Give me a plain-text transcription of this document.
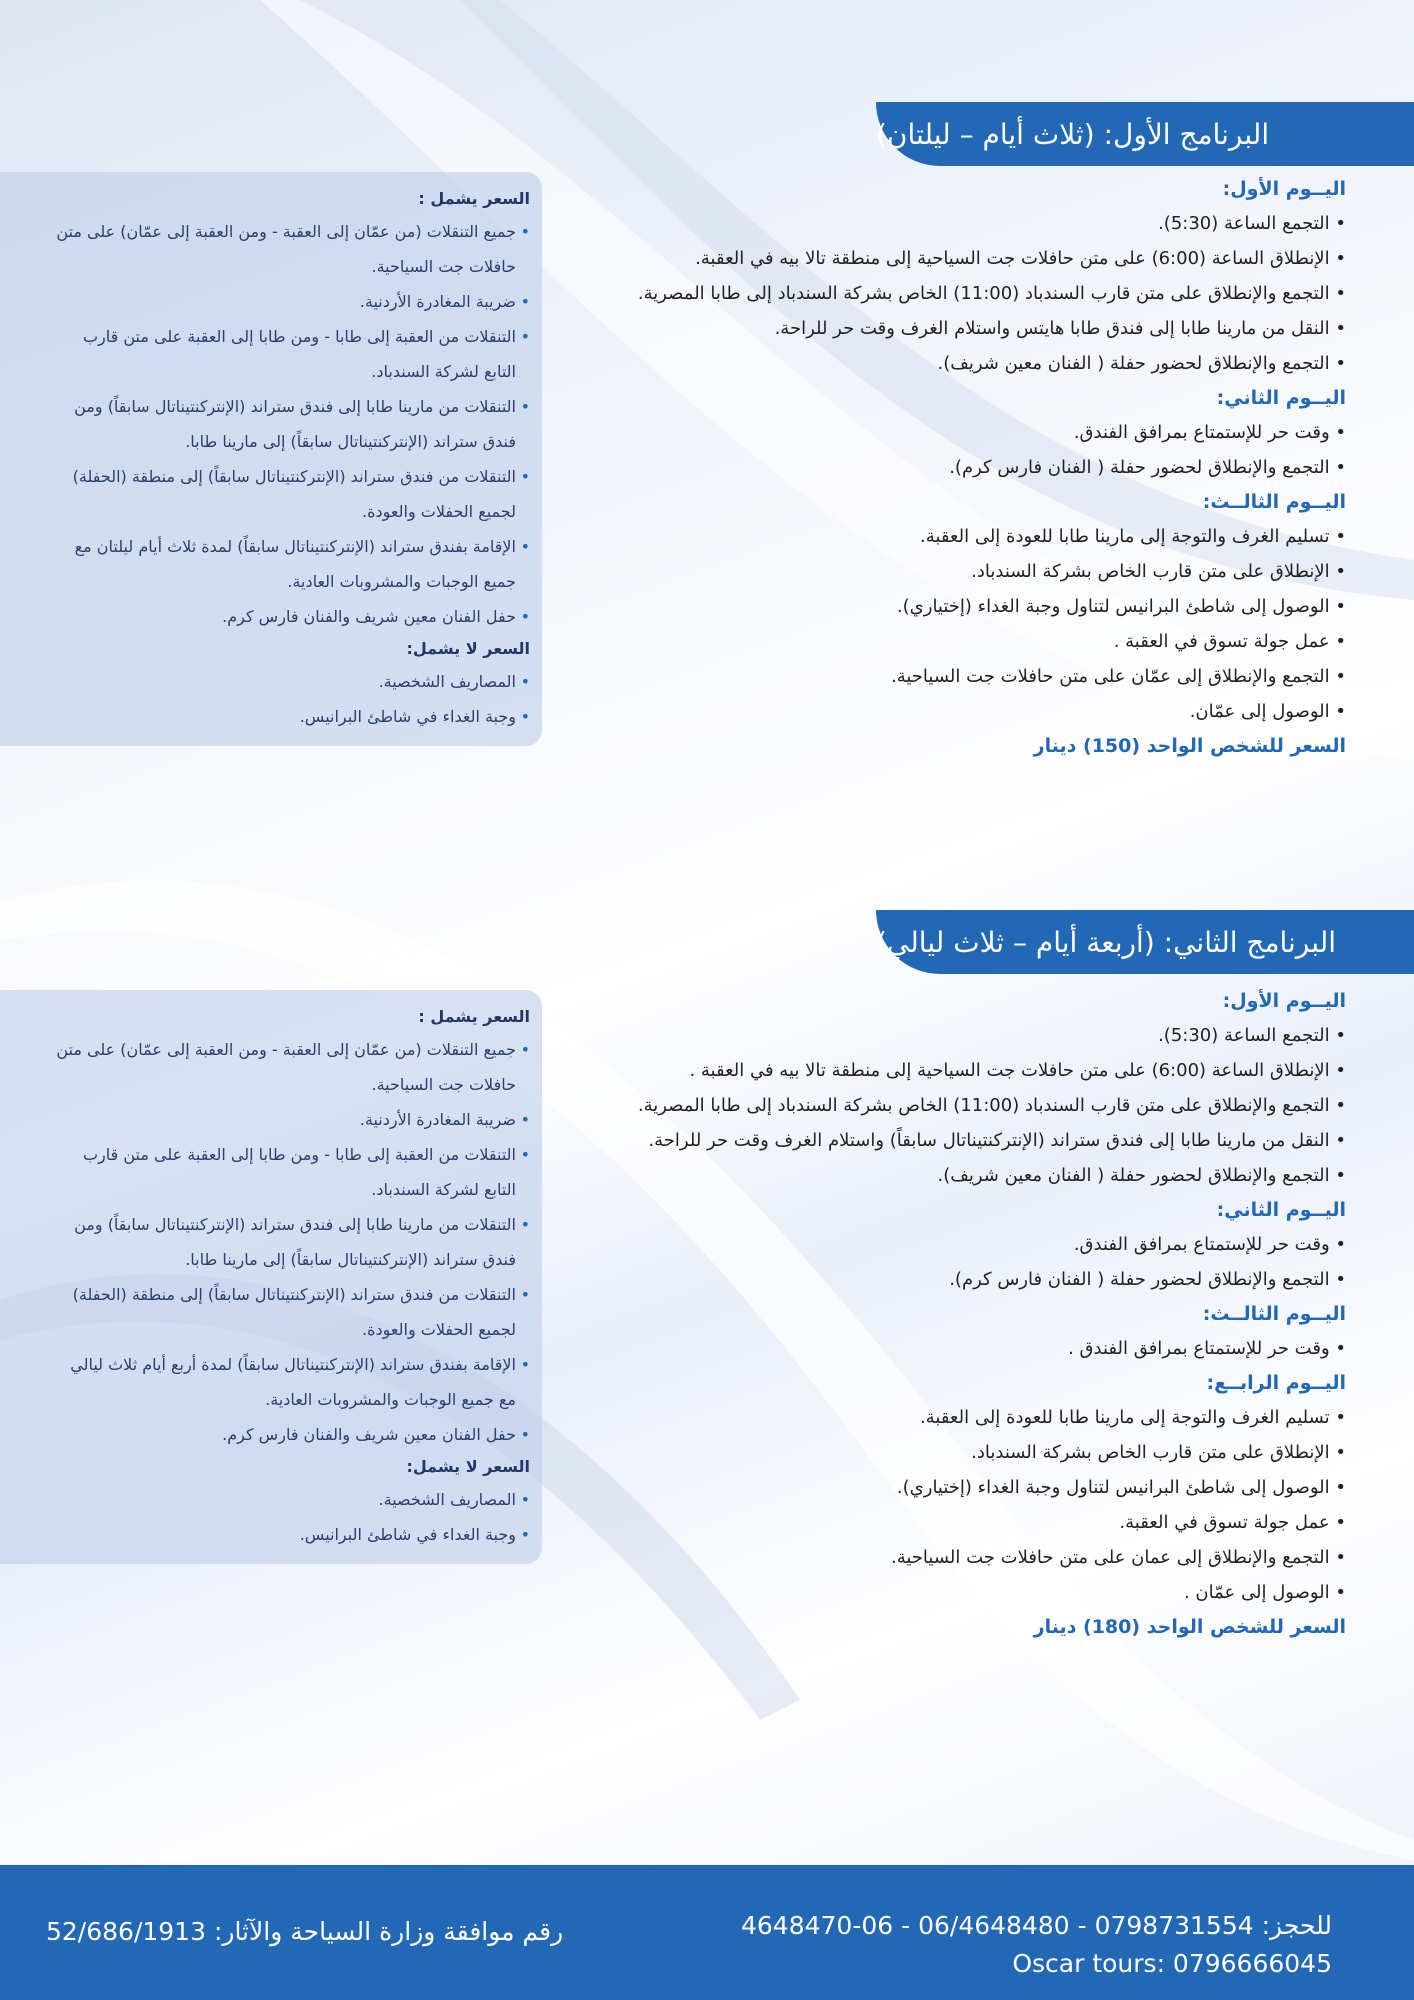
البرنامج الأول: (ثلاث أيام – ليلتان)
اليــوم الأول:
• التجمع الساعة (5:30).
• الإنطلاق الساعة (6:00) على متن حافلات جت السياحية إلى منطقة تالا بيه في العقبة.
• التجمع والإنطلاق على متن قارب السندباد (11:00) الخاص بشركة السندباد إلى طابا المصرية.
• النقل من مارينا طابا إلى فندق طابا هايتس واستلام الغرف وقت حر للراحة.
• التجمع والإنطلاق لحضور حفلة ( الفنان معين شريف).
اليــوم الثاني:
• وقت حر للإستمتاع بمرافق الفندق.
• التجمع والإنطلاق لحضور حفلة ( الفنان فارس كرم).
اليــوم الثالــث:
• تسليم الغرف والتوجة إلى مارينا طابا للعودة إلى العقبة.
• الإنطلاق على متن قارب الخاص بشركة السندباد.
• الوصول إلى شاطئ البرانيس لتناول وجبة الغداء (إختياري).
• عمل جولة تسوق في العقبة .
• التجمع والإنطلاق إلى عمّان على متن حافلات جت السياحية.
• الوصول إلى عمّان.
السعر للشخص الواحد (150) دينار
السعر يشمل :
• جميع التنقلات (من عمّان إلى العقبة - ومن العقبة إلى عمّان) على متن حافلات جت السياحية.
• ضريبة المغادرة الأردنية.
• التنقلات من العقبة إلى طابا - ومن طابا إلى العقبة على متن قارب التابع لشركة السندباد.
• التنقلات من مارينا طابا إلى فندق ستراند (الإنتركنتيناتال سابقاً) ومن فندق ستراند (الإنتركنتيناتال سابقاً) إلى مارينا طابا.
• التنقلات من فندق ستراند (الإنتركنتيناتال سابقاً) إلى منطقة (الحفلة) لجميع الحفلات والعودة.
• الإقامة بفندق ستراند (الإنتركنتيناتال سابقاً) لمدة ثلاث أيام ليلتان مع جميع الوجبات والمشروبات العادية.
• حفل الفنان معين شريف والفنان فارس كرم.
السعر لا يشمل:
• المصاريف الشخصية.
• وجبة الغداء في شاطئ البرانيس.
البرنامج الثاني: (أربعة أيام – ثلاث ليالي)
اليــوم الأول:
• التجمع الساعة (5:30).
• الإنطلاق الساعة (6:00) على متن حافلات جت السياحية إلى منطقة تالا بيه في العقبة .
• التجمع والإنطلاق على متن قارب السندباد (11:00) الخاص بشركة السندباد إلى طابا المصرية.
• النقل من مارينا طابا إلى فندق ستراند (الإنتركنتيناتال سابقاً) واستلام الغرف وقت حر للراحة.
• التجمع والإنطلاق لحضور حفلة ( الفنان معين شريف).
اليــوم الثاني:
• وقت حر للإستمتاع بمرافق الفندق.
• التجمع والإنطلاق لحضور حفلة ( الفنان فارس كرم).
اليــوم الثالــث:
• وقت حر للإستمتاع بمرافق الفندق .
اليــوم الرابــع:
• تسليم الغرف والتوجة إلى مارينا طابا للعودة إلى العقبة.
• الإنطلاق على متن قارب الخاص بشركة السندباد.
• الوصول إلى شاطئ البرانيس لتناول وجبة الغداء (إختياري).
• عمل جولة تسوق في العقبة.
• التجمع والإنطلاق إلى عمان على متن حافلات جت السياحية.
• الوصول إلى عمّان .
السعر للشخص الواحد (180) دينار
السعر يشمل :
• جميع التنقلات (من عمّان إلى العقبة - ومن العقبة إلى عمّان) على متن حافلات جت السياحية.
• ضريبة المغادرة الأردنية.
• التنقلات من العقبة إلى طابا - ومن طابا إلى العقبة على متن قارب التابع لشركة السندباد.
• التنقلات من مارينا طابا إلى فندق ستراند (الإنتركنتيناتال سابقاً) ومن فندق ستراند (الإنتركنتيناتال سابقاً) إلى مارينا طابا.
• التنقلات من فندق ستراند (الإنتركنتيناتال سابقاً) إلى منطقة (الحفلة) لجميع الحفلات والعودة.
• الإقامة بفندق ستراند (الإنتركنتيناتال سابقاً) لمدة أربع أيام ثلاث ليالي مع جميع الوجبات والمشروبات العادية.
• حفل الفنان معين شريف والفنان فارس كرم.
السعر لا يشمل:
• المصاريف الشخصية.
• وجبة الغداء في شاطئ البرانيس.
للحجز: 0798731554 - 06/4648480 - 06-4648470
Oscar tours: 0796666045
رقم موافقة وزارة السياحة والآثار: 52/686/1913
